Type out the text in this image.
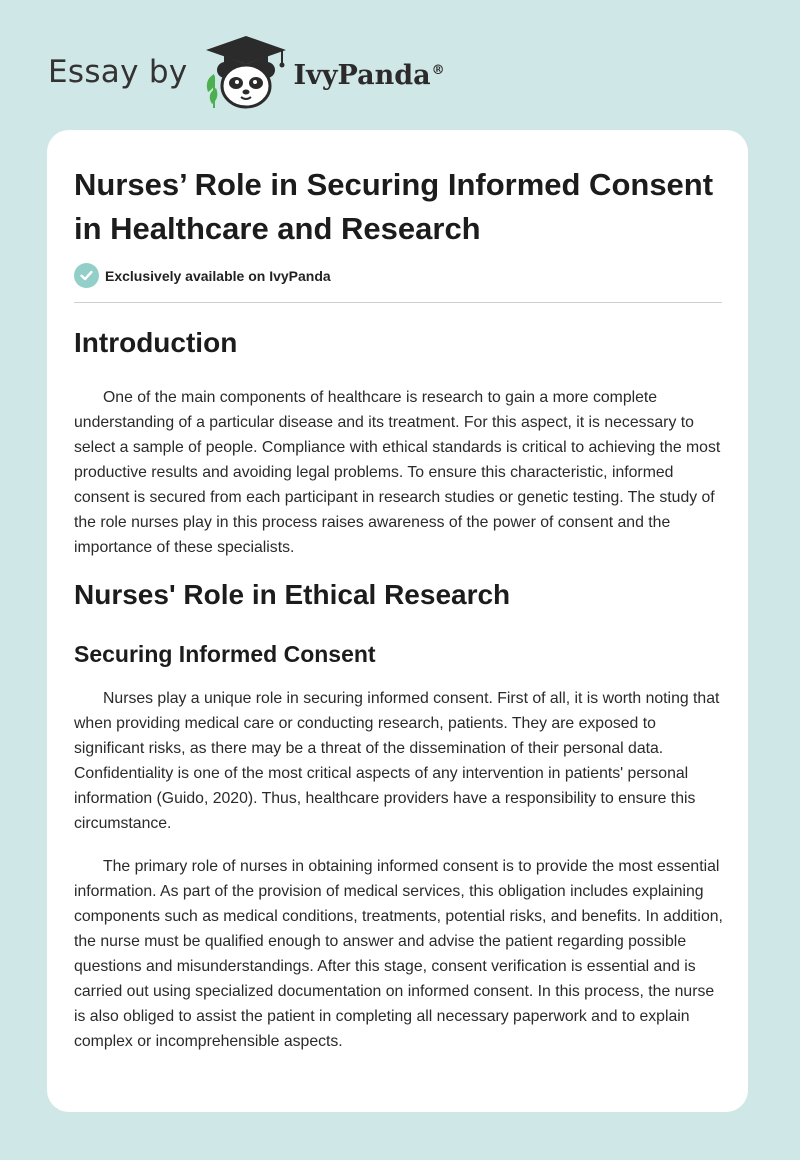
Essay by	IvyPanda®
Nurses’ Role in Securing Informed Consent in Healthcare and Research
Exclusively available on IvyPanda
Introduction

One of the main components of healthcare is research to gain a more complete understanding of a particular disease and its treatment. For this aspect, it is necessary to select a sample of people. Compliance with ethical standards is critical to achieving the most productive results and avoiding legal problems. To ensure this characteristic, informed consent is secured from each participant in research studies or genetic testing. The study of the role nurses play in this process raises awareness of the power of consent and the importance of these specialists.

Nurses' Role in Ethical Research
Securing Informed Consent

Nurses play a unique role in securing informed consent. First of all, it is worth noting that when providing medical care or conducting research, patients. They are exposed to significant risks, as there may be a threat of the dissemination of their personal data. Confidentiality is one of the most critical aspects of any intervention in patients' personal information (Guido, 2020). Thus, healthcare providers have a responsibility to ensure this circumstance.

The primary role of nurses in obtaining informed consent is to provide the most essential information. As part of the provision of medical services, this obligation includes explaining components such as medical conditions, treatments, potential risks, and benefits. In addition, the nurse must be qualified enough to answer and advise the patient regarding possible questions and misunderstandings. After this stage, consent verification is essential and is carried out using specialized documentation on informed consent. In this process, the nurse is also obliged to assist the patient in completing all necessary paperwork and to explain complex or incomprehensible aspects.
